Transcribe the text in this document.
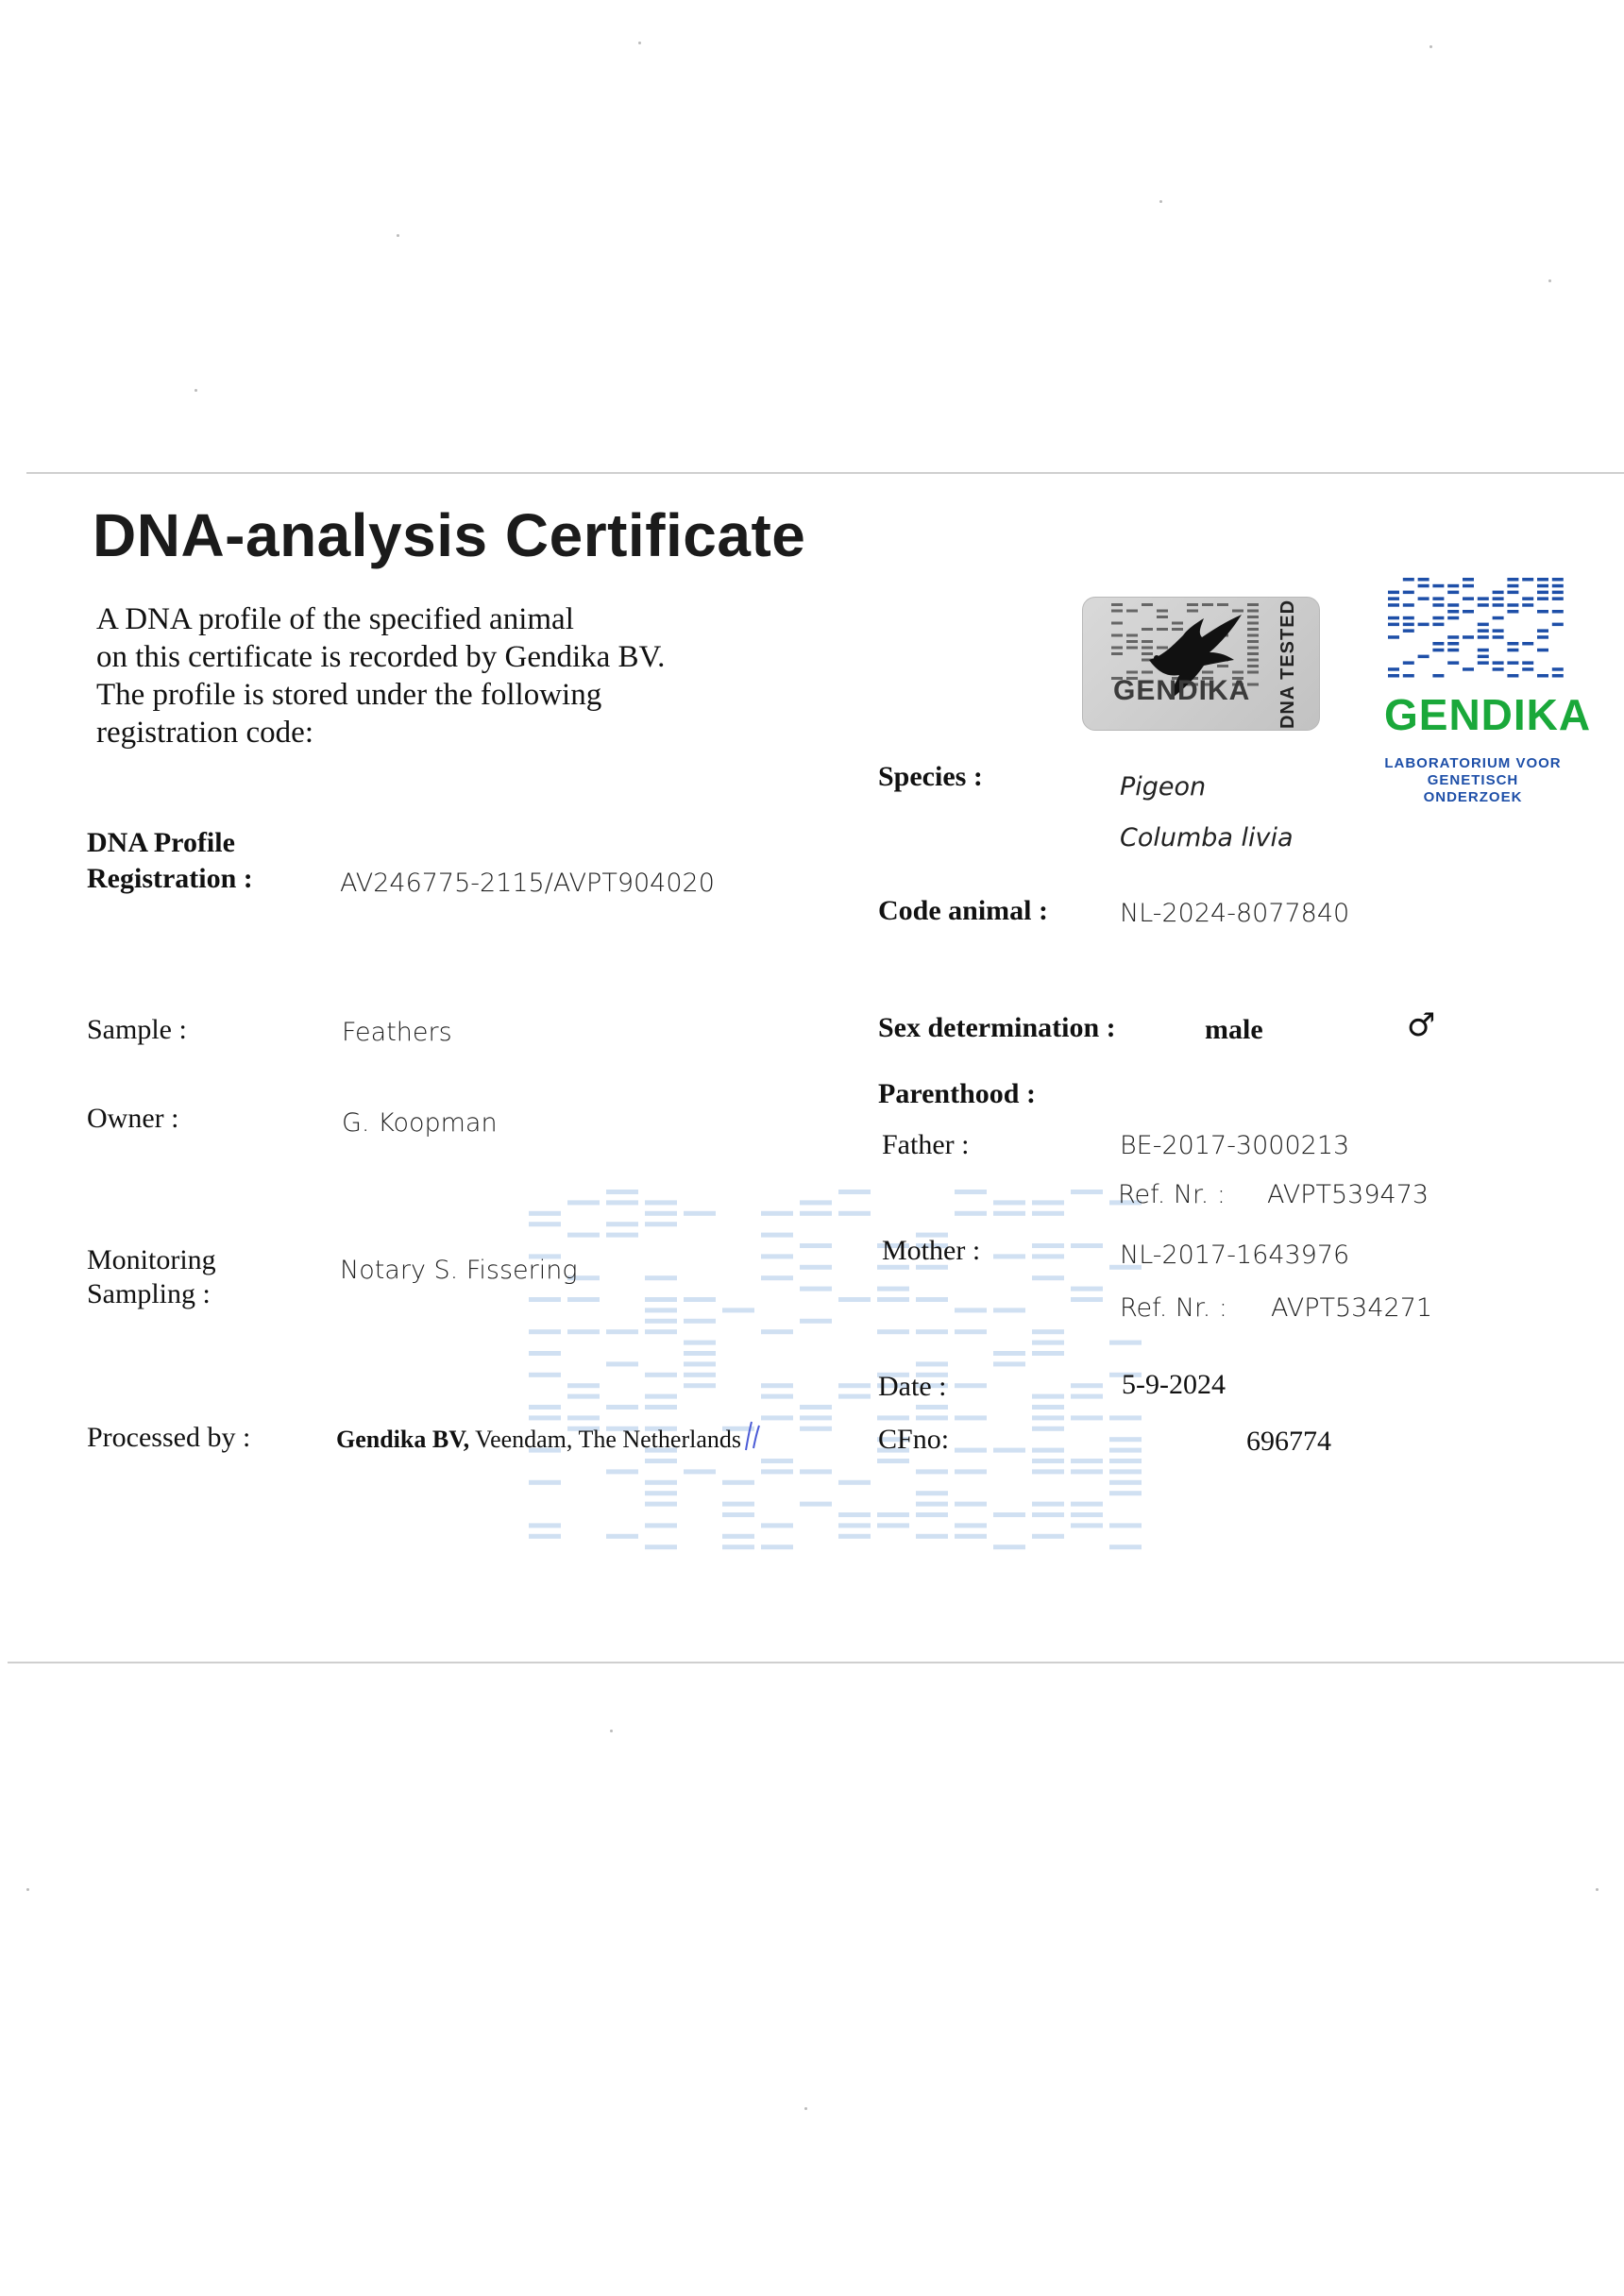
DNA-analysis Certificate
A DNA profile of the specified animal
on this certificate is recorded by Gendika BV.
The profile is stored under the following
registration code:
GENDIKA DNA TESTED GENDIKA
LABORATORIUM VOOR
GENETISCH ONDERZOEK
DNA Profile
Registration :	AV246775-2115/AVPT904020
Sample :	Feathers
Owner :	G. Koopman
Monitoring
Sampling :
Notary S. Fissering
Processed by :	Gendika BV, Veendam, The Netherlands
Species :	Pigeon
Columba livia
Code animal :	NL-2024-8077840
Sex determination :	male	♂
Parenthood :
Father :	BE-2017-3000213
Ref. Nr. : AVPT539473
Mother :	NL-2017-1643976
Ref. Nr. : AVPT534271
Date :	5-9-2024
CFno:	696774
